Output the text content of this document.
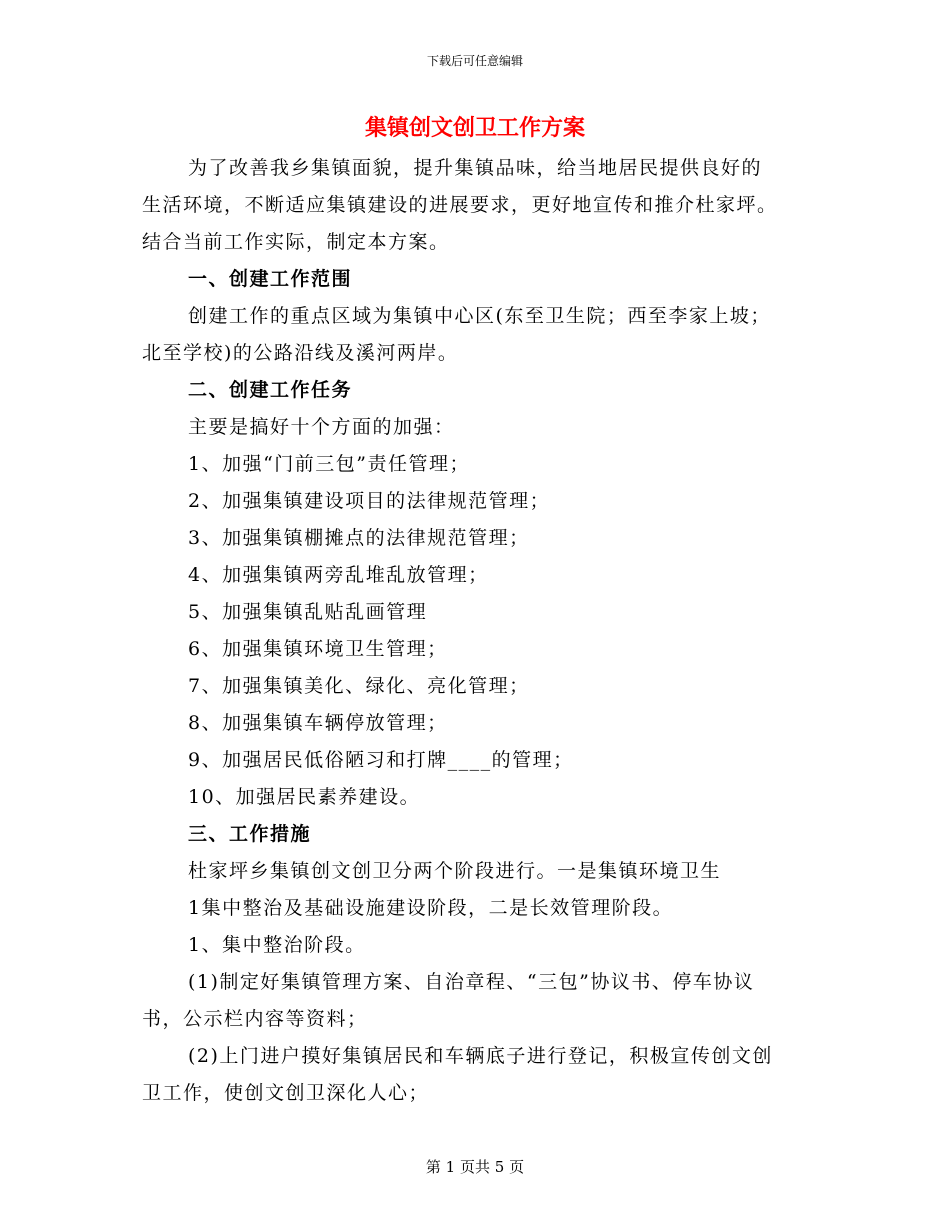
下载后可任意编辑
集镇创文创卫工作方案

为了改善我乡集镇面貌，提升集镇品味，给当地居民提供良好的

生活环境，不断适应集镇建设的进展要求，更好地宣传和推介杜家坪。

结合当前工作实际，制定本方案。

一、创建工作范围

创建工作的重点区域为集镇中心区(东至卫生院；西至李家上坡；

北至学校)的公路沿线及溪河两岸。

二、创建工作任务

主要是搞好十个方面的加强：

1、加强“门前三包”责任管理；

2、加强集镇建设项目的法律规范管理；

3、加强集镇棚摊点的法律规范管理；

4、加强集镇两旁乱堆乱放管理；

5、加强集镇乱贴乱画管理

6、加强集镇环境卫生管理；

7、加强集镇美化、绿化、亮化管理；

8、加强集镇车辆停放管理；

9、加强居民低俗陋习和打牌____的管理；

10、加强居民素养建设。

三、工作措施

杜家坪乡集镇创文创卫分两个阶段进行。一是集镇环境卫生

1集中整治及基础设施建设阶段，二是长效管理阶段。

1、集中整治阶段。

(1)制定好集镇管理方案、自治章程、“三包”协议书、停车协议

书，公示栏内容等资料；

(2)上门进户摸好集镇居民和车辆底子进行登记，积极宣传创文创

卫工作，使创文创卫深化人心；

第 1 页共 5 页
